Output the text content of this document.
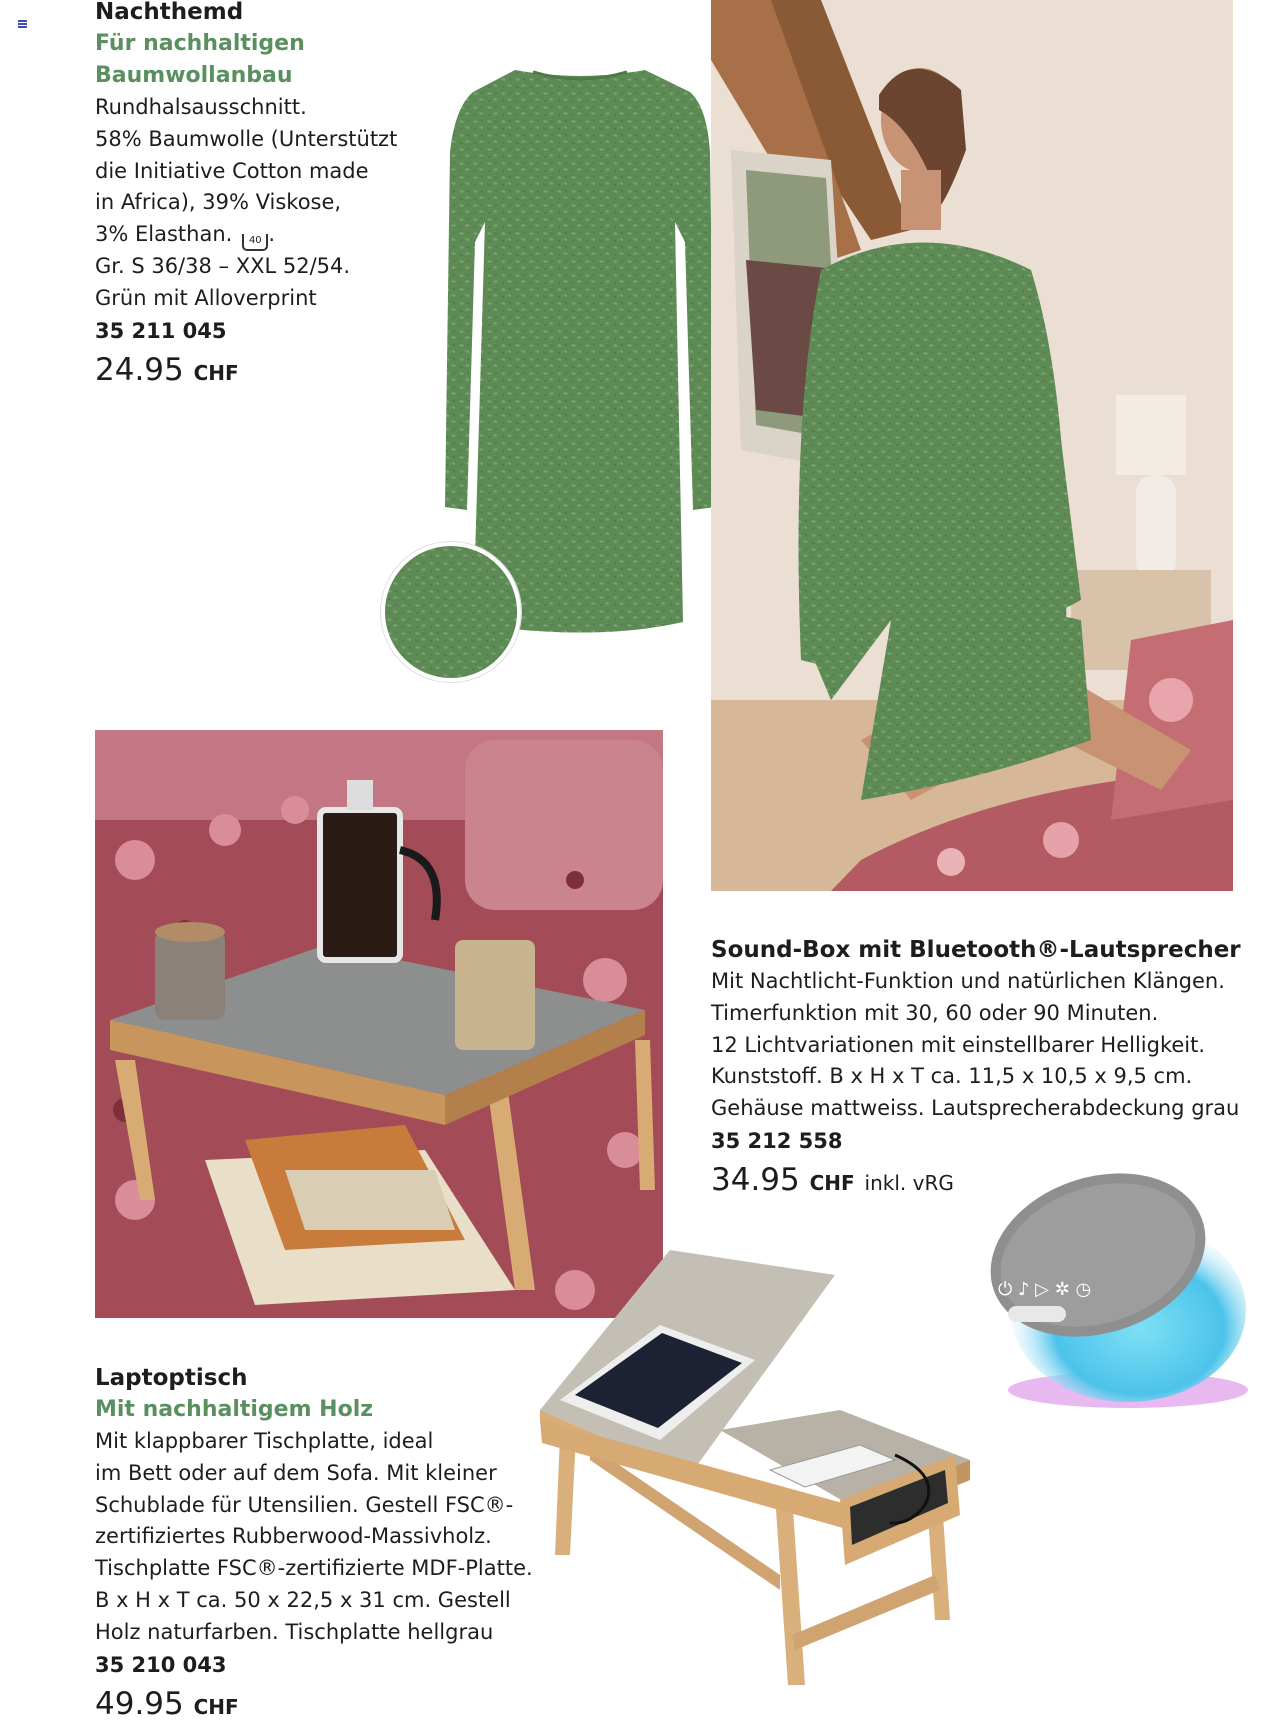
Nachthemd
Für nachhaltigen
Baumwollanbau
Rundhalsausschnitt.
58% Baumwolle (Unterstützt
die Initiative Cotton made
in Africa), 39% Viskose,
3% Elasthan. 40 .
Gr. S 36/38 – XXL 52/54.
Grün mit Alloverprint
35 211 045
24.95 CHF
Sound-Box mit Bluetooth®-Lautsprecher
Mit Nachtlicht-Funktion und natürlichen Klängen.
Timerfunktion mit 30, 60 oder 90 Minuten.
12 Lichtvariationen mit einstellbarer Helligkeit.
Kunststoff. B x H x T ca. 11,5 x 10,5 x 9,5 cm.
Gehäuse mattweiss. Lautsprecherabdeckung grau
35 212 558
34.95 CHF inkl. vRG
⏻ ♪ ▷ ✲ ◷
Laptoptisch
Mit nachhaltigem Holz
Mit klappbarer Tischplatte, ideal
im Bett oder auf dem Sofa. Mit kleiner
Schublade für Utensilien. Gestell FSC®-
zertifiziertes Rubberwood-Massivholz.
Tischplatte FSC®-zertifizierte MDF-Platte.
B x H x T ca. 50 x 22,5 x 31 cm. Gestell
Holz naturfarben. Tischplatte hellgrau
35 210 043
49.95 CHF
